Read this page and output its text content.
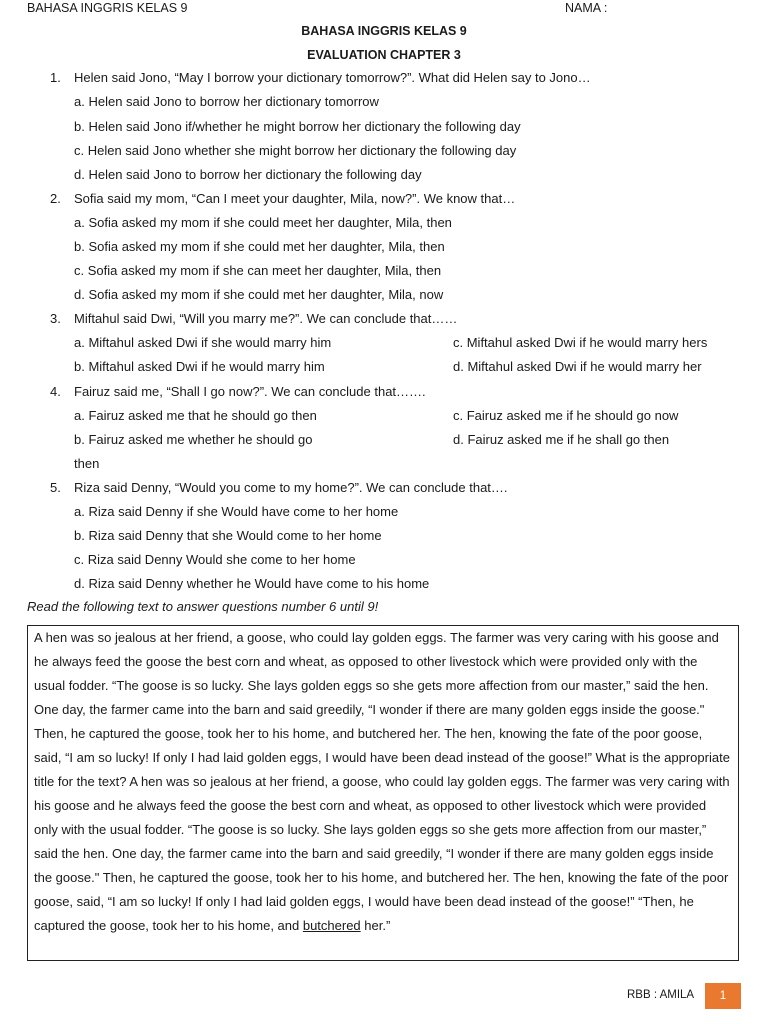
BAHASA INGGRIS KELAS 9	NAMA :
BAHASA INGGRIS KELAS 9
EVALUATION CHAPTER 3
1. Helen said Jono, “May I borrow your dictionary tomorrow?”. What did Helen say to Jono…
a. Helen said Jono to borrow her dictionary tomorrow
b. Helen said Jono if/whether he might borrow her dictionary the following day
c. Helen said Jono whether she might borrow her dictionary the following day
d. Helen said Jono to borrow her dictionary the following day
2. Sofia said my mom, “Can I meet your daughter, Mila, now?”. We know that…
a. Sofia asked my mom if she could meet her daughter, Mila, then
b. Sofia asked my mom if she could met her daughter, Mila, then
c. Sofia asked my mom if she can meet her daughter, Mila, then
d. Sofia asked my mom if she could met her daughter, Mila, now
3. Miftahul said Dwi, “Will you marry me?”. We can conclude that……
a. Miftahul asked Dwi if she would marry him
b. Miftahul asked Dwi if he would marry him
c. Miftahul asked Dwi if he would marry hers
d. Miftahul asked Dwi if he would marry her
4. Fairuz said me, “Shall I go now?”. We can conclude that…….
a. Fairuz asked me that he should go then
b. Fairuz asked me whether he should go
then
c. Fairuz asked me if he should go now
d. Fairuz asked me if he shall go then
5. Riza said Denny, “Would you come to my home?”. We can conclude that….
a. Riza said Denny if she Would have come to her home
b. Riza said Denny that she Would come to her home
c. Riza said Denny Would she come to her home
d. Riza said Denny whether he Would have come to his home
Read the following text to answer questions number 6 until 9!

A hen was so jealous at her friend, a goose, who could lay golden eggs. The farmer was very caring with his goose and he always feed the goose the best corn and wheat, as opposed to other livestock which were provided only with the usual fodder. “The goose is so lucky. She lays golden eggs so she gets more affection from our master,” said the hen. One day, the farmer came into the barn and said greedily, “I wonder if there are many golden eggs inside the goose." Then, he captured the goose, took her to his home, and butchered her. The hen, knowing the fate of the poor goose, said, “I am so lucky! If only I had laid golden eggs, I would have been dead instead of the goose!” What is the appropriate title for the text? A hen was so jealous at her friend, a goose, who could lay golden eggs. The farmer was very caring with his goose and he always feed the goose the best corn and wheat, as opposed to other livestock which were provided only with the usual fodder. “The goose is so lucky. She lays golden eggs so she gets more affection from our master,” said the hen. One day, the farmer came into the barn and said greedily, “I wonder if there are many golden eggs inside the goose." Then, he captured the goose, took her to his home, and butchered her. The hen, knowing the fate of the poor goose, said, “I am so lucky! If only I had laid golden eggs, I would have been dead instead of the goose!” “Then, he captured the goose, took her to his home, and butchered her.”

RBB : AMILA	1
